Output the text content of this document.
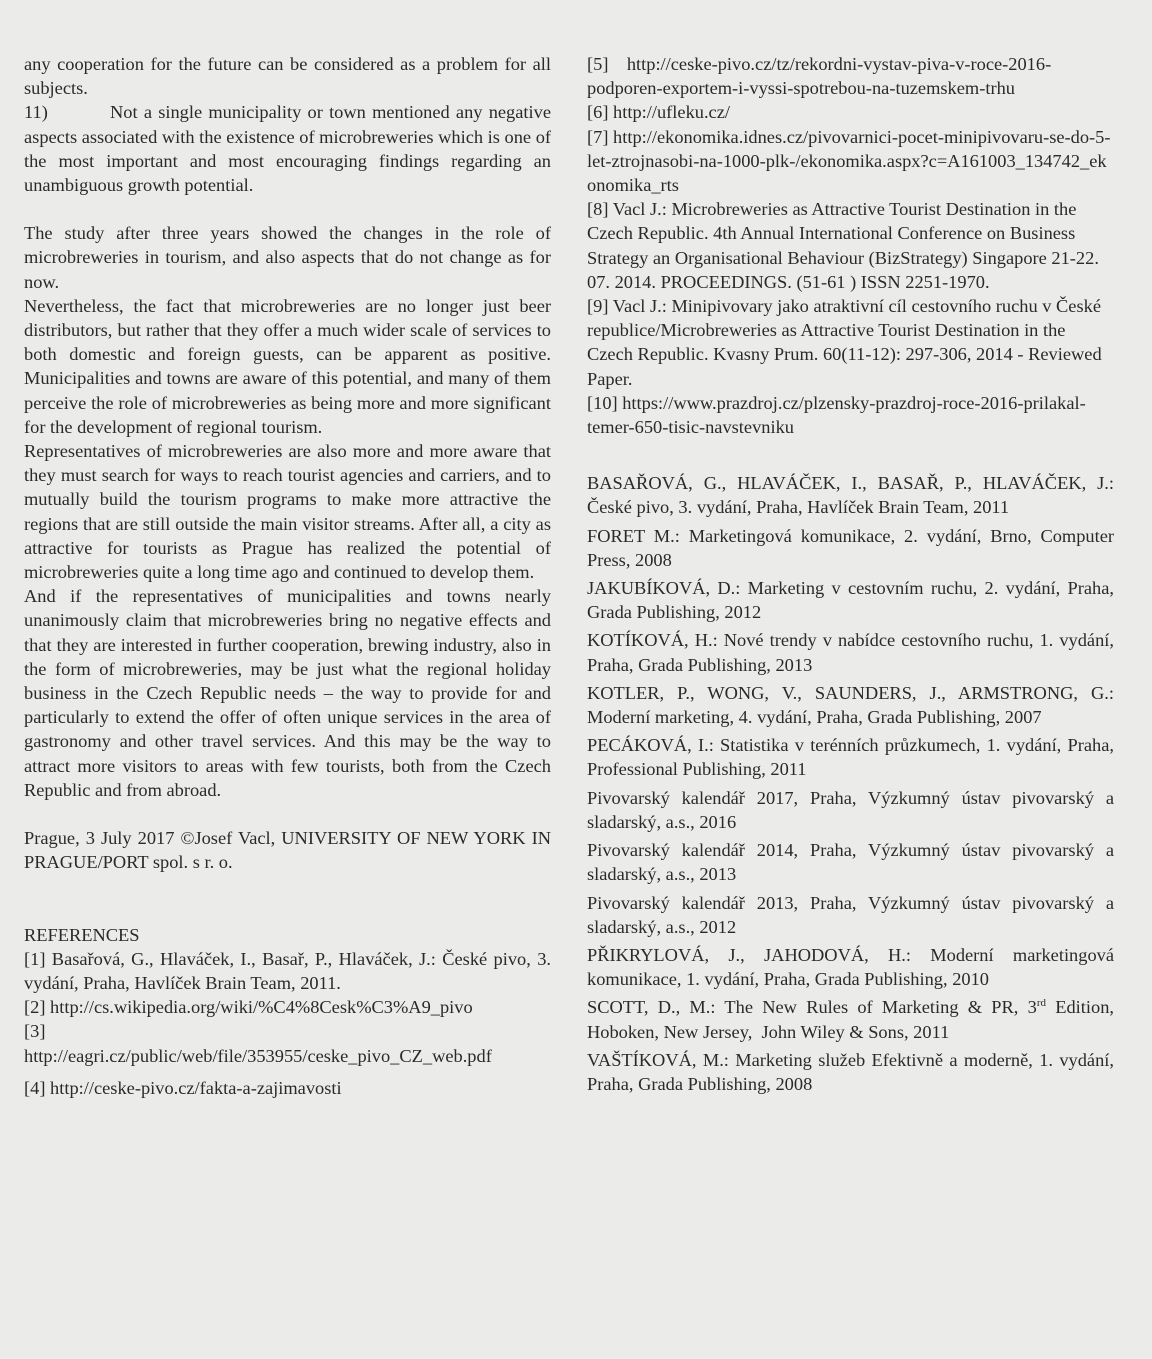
any cooperation for the future can be considered as a problem for all subjects.

11)          Not a single municipality or town mentioned any negative aspects associated with the existence of microbreweries which is one of the most important and most encouraging findings regarding an unambiguous growth potential.

The study after three years showed the changes in the role of microbreweries in tourism, and also aspects that do not change as for now.

Nevertheless, the fact that microbreweries are no longer just beer distributors, but rather that they offer a much wider scale of services to both domestic and foreign guests, can be apparent as positive. Municipalities and towns are aware of this potential, and many of them perceive the role of microbreweries as being more and more significant for the development of regional tourism.

Representatives of microbreweries are also more and more aware that they must search for ways to reach tourist agencies and carriers, and to mutually build the tourism programs to make more attractive the regions that are still outside the main visitor streams. After all, a city as attractive for tourists as Prague has realized the potential of microbreweries quite a long time ago and continued to develop them.

And if the representatives of municipalities and towns nearly unanimously claim that microbreweries bring no negative effects and that they are interested in further cooperation, brewing industry, also in the form of microbreweries, may be just what the regional holiday business in the Czech Republic needs – the way to provide for and particularly to extend the offer of often unique services in the area of gastronomy and other travel services. And this may be the way to attract more visitors to areas with few tourists, both from the Czech Republic and from abroad.

Prague, 3 July 2017 ©Josef Vacl, UNIVERSITY OF NEW YORK IN PRAGUE/PORT spol. s r. o.

REFERENCES

[1] Basařová, G., Hlaváček, I., Basař, P., Hlaváček, J.: České pivo, 3. vydání, Praha, Havlíček Brain Team, 2011.

[2] http://cs.wikipedia.org/wiki/%C4%8Cesk%C3%A9_pivo

[3]

http://eagri.cz/public/web/file/353955/ceske_pivo_CZ_web.pdf

[4] http://ceske-pivo.cz/fakta-a-zajimavosti

[5]    http://ceske-pivo.cz/tz/rekordni-vystav-piva-v-roce-2016-podporen-exportem-i-vyssi-spotrebou-na-tuzemskem-trhu

[6] http://ufleku.cz/

[7] http://ekonomika.idnes.cz/pivovarnici-pocet-minipivovaru-se-do-5-let-ztrojnasobi-na-1000-plk-/ekonomika.aspx?c=A161003_134742_ekonomika_rts

[8] Vacl J.: Microbreweries as Attractive Tourist Destination in the Czech Republic. 4th Annual International Conference on Business Strategy an Organisational Behaviour (BizStrategy) Singapore 21-22. 07. 2014. PROCEEDINGS. (51-61 ) ISSN 2251-1970.

[9] Vacl J.: Minipivovary jako atraktivní cíl cestovního ruchu v České republice/Microbreweries as Attractive Tourist Destination in the Czech Republic. Kvasny Prum. 60(11-12): 297-306, 2014 - Reviewed Paper.

[10] https://www.prazdroj.cz/plzensky-prazdroj-roce-2016-prilakal-temer-650-tisic-navstevniku

BASAŘOVÁ, G., HLAVÁČEK, I., BASAŘ, P., HLAVÁČEK, J.: České pivo, 3. vydání, Praha, Havlíček Brain Team, 2011

FORET M.: Marketingová komunikace, 2. vydání, Brno, Computer Press, 2008

JAKUBÍKOVÁ, D.: Marketing v cestovním ruchu, 2. vydání, Praha, Grada Publishing, 2012

KOTÍKOVÁ, H.: Nové trendy v nabídce cestovního ruchu, 1. vydání, Praha, Grada Publishing, 2013

KOTLER, P., WONG, V., SAUNDERS, J., ARMSTRONG, G.: Moderní marketing, 4. vydání, Praha, Grada Publishing, 2007

PECÁKOVÁ, I.: Statistika v terénních průzkumech, 1. vydání, Praha, Professional Publishing, 2011

Pivovarský kalendář 2017, Praha, Výzkumný ústav pivovarský a sladarský, a.s., 2016

Pivovarský kalendář 2014, Praha, Výzkumný ústav pivovarský a sladarský, a.s., 2013

Pivovarský kalendář 2013, Praha, Výzkumný ústav pivovarský a sladarský, a.s., 2012

PŘIKRYLOVÁ, J., JAHODOVÁ, H.: Moderní marketingová komunikace, 1. vydání, Praha, Grada Publishing, 2010

SCOTT, D., M.: The New Rules of Marketing & PR, 3rd Edition, Hoboken, New Jersey,  John Wiley & Sons, 2011

VAŠTÍKOVÁ, M.: Marketing služeb Efektivně a moderně, 1. vydání, Praha, Grada Publishing, 2008
